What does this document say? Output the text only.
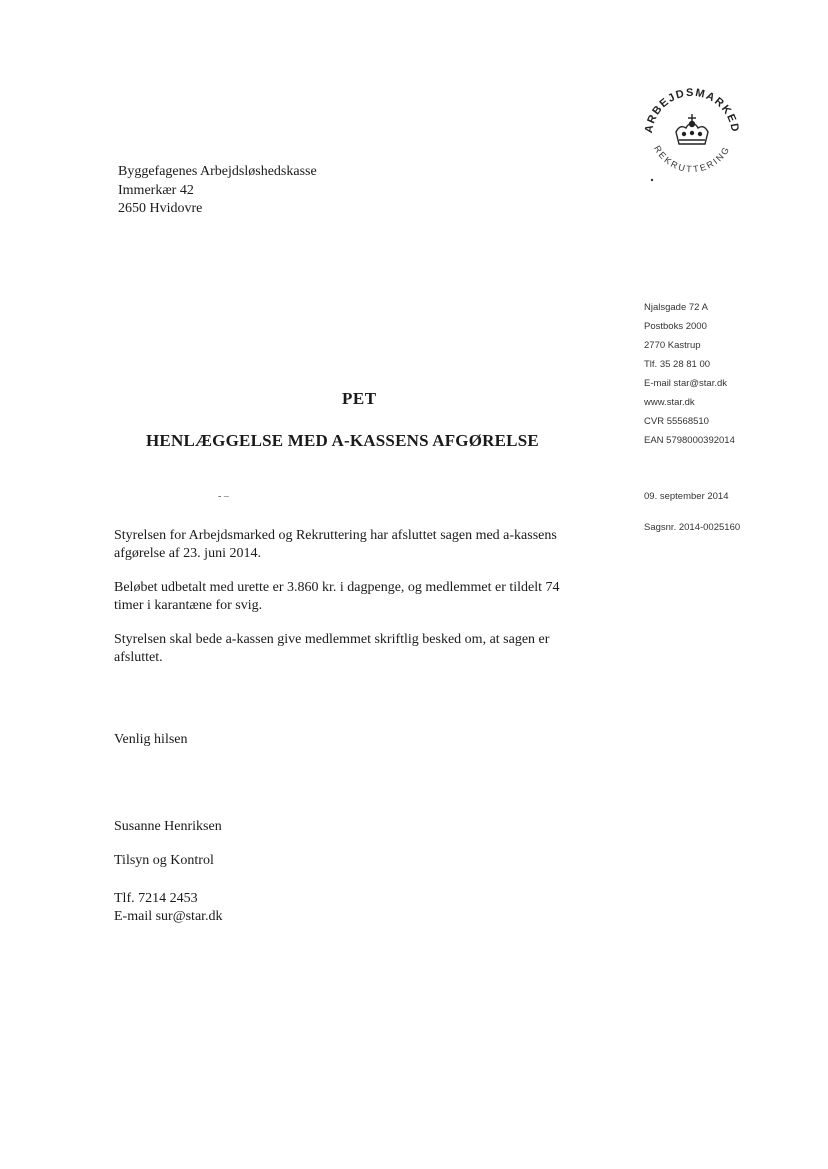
ARBEJDSMARKED
REKRUTTERING
Byggefagenes Arbejdsløshedskasse
Immerkær 42
2650 Hvidovre
Njalsgade 72 A
Postboks 2000
2770 Kastrup
Tlf. 35 28 81 00
E-mail star@star.dk
www.star.dk
CVR 55568510
EAN 5798000392014
09. september 2014
Sagsnr. 2014-0025160
PET
HENLÆGGELSE MED A-KASSENS AFGØRELSE
- –
Styrelsen for Arbejdsmarked og Rekruttering har afsluttet sagen med a-kassens afgørelse af 23. juni 2014.
Beløbet udbetalt med urette er 3.860 kr. i dagpenge, og medlemmet er tildelt 74 timer i karantæne for svig.
Styrelsen skal bede a-kassen give medlemmet skriftlig besked om, at sagen er afsluttet.
Venlig hilsen
Susanne Henriksen
Tilsyn og Kontrol
Tlf. 7214 2453
E-mail sur@star.dk
